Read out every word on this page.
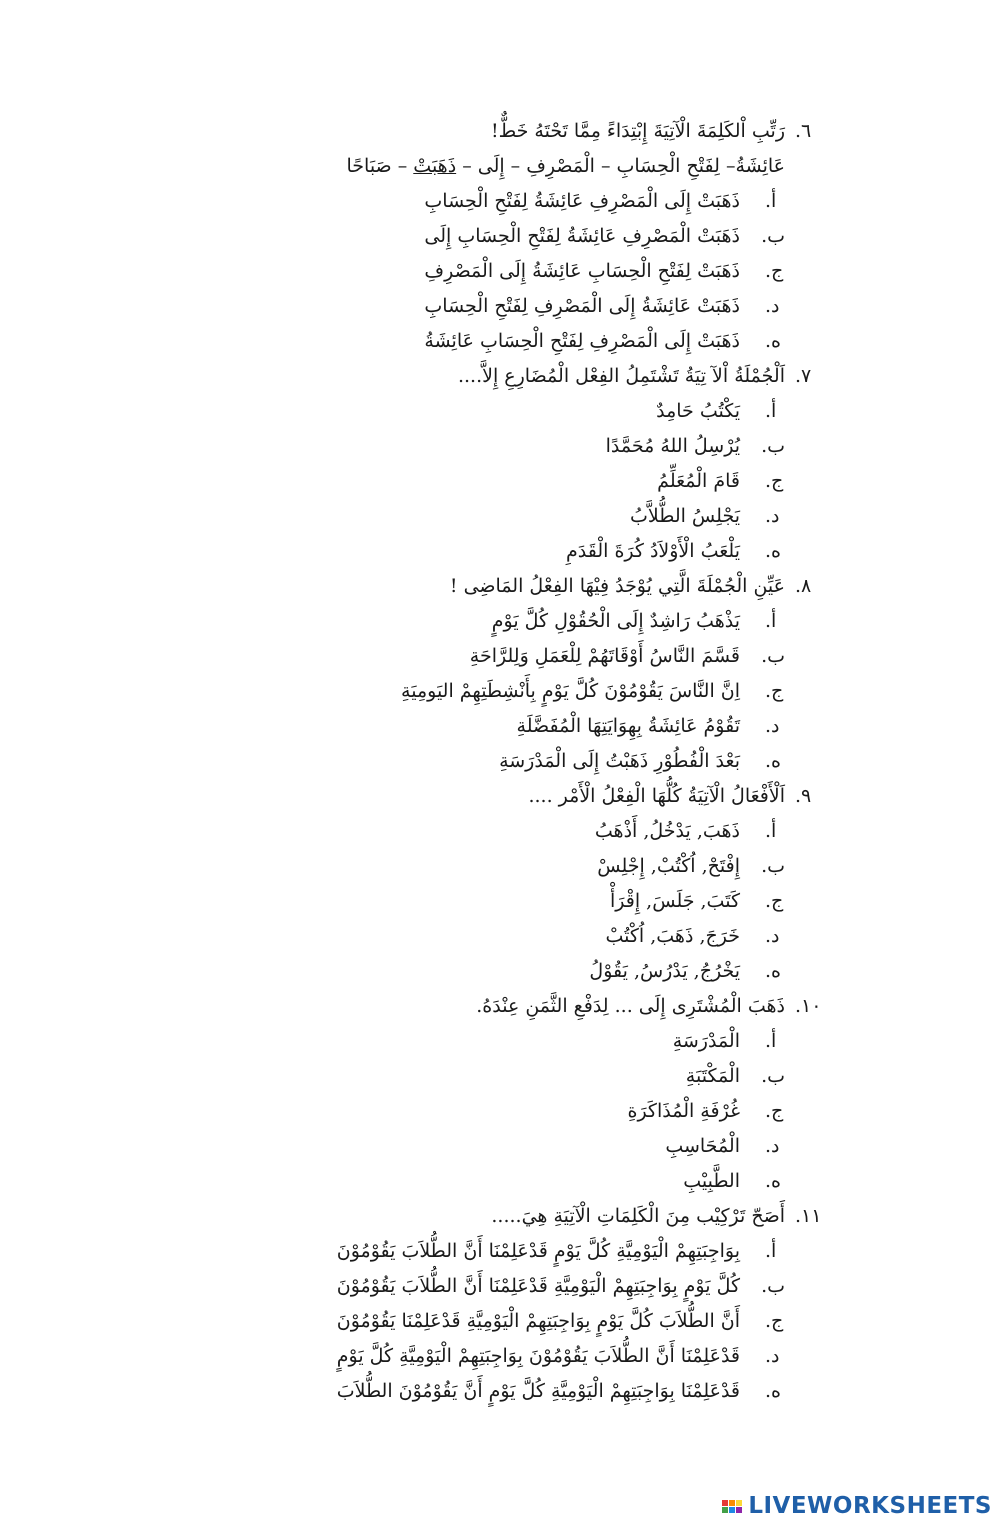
.٦
رَتِّبِ اْلكَلِمَةَ الْآتِيَةَ إِبْتِدَاءً مِمَّا تَحْتَهُ خَطٌّ!
عَائِشَةُ– لِفَتْحِ الْحِسَابِ – الْمَصْرِفِ – إِلَى – ذَهَبَتْ – صَبَاحًا
أ.
ذَهَبَتْ إِلَى الْمَصْرِفِ عَائِشَةُ لِفَتْحِ الْحِسَابِ
ب.
ذَهَبَتْ الْمَصْرِفِ عَائِشَةُ لِفَتْحِ الْحِسَابِ إِلَى
ج.
ذَهَبَتْ لِفَتْحِ الْحِسَابِ عَائِشَةُ إِلَى الْمَصْرِفِ
د.
ذَهَبَتْ عَائِشَةُ إِلَى الْمَصْرِفِ لِفَتْحِ الْحِسَابِ
ه.
ذَهَبَتْ إِلَى الْمَصْرِفِ لِفَتْحِ الْحِسَابِ عَائِشَةُ
.٧
اَلْجُمْلَةُ اْلآ تِيَةُ تَشْتَمِلُ الفِعْل الْمُضَارِعِ إِلاَّ....
أ.
يَكْتُبُ حَامِدٌ
ب.
يُرْسِلُ اللهُ مُحَمَّدًا
ج.
قَامَ الْمُعَلِّمُ
د.
يَجْلِسُ الطُّلاَّبُ
ه.
يَلْعَبُ الْأَوْلاَدُ كُرَةَ الْقَدَمِ
.٨
عَيِّنِ الْجُمْلَةَ الَّتِي يُوْجَدُ فِيْهَا الفِعْلُ المَاضِى !
أ.
يَذْهَبُ رَاشِدٌ إِلَى الْحُقُوْلِ كُلَّ يَوْمٍ
ب.
قَسَّمَ النَّاسُ أَوْقَاتَهُمْ لِلْعَمَلِ وَلِلرَّاحَةِ
ج.
اِنَّ النَّاسَ يَقُوْمُوْنَ كُلَّ يَوْمٍ بِأَنْشِطَتِهِمْ اليَومِيَةِ
د.
تَقُوْمُ عَائِشَةُ بِهِوَايَتِهَا الْمُفَضَّلَةِ
ه.
بَعْدَ الْفُطُوْرِ ذَهَبْتُ إِلَى الْمَدْرَسَةِ
.٩
اَلْأَفْعَالُ الْآتِيَةُ كُلُّهَا الْفِعْلُ الْأَمْر ....
أ.
ذَهَبَ, يَدْخُلُ, أَذْهَبُ
ب.
إِفْتَحْ, اُكْتُبْ, إِجْلِسْ
ج.
كَتَبَ, جَلَسَ, إِقْرَأْ
د.
خَرَجَ, ذَهَبَ, اُكْتُبْ
ه.
يَخْرُجُ, يَدْرُسُ, يَقُوْلُ
.١٠
ذَهَبَ الْمُشْتَرِى إِلَى ... لِدَفْعِ الثَّمَنِ عِنْدَهُ.
أ.
الْمَدْرَسَةِ
ب.
الْمَكْتَبَةِ
ج.
غُرْفَةِ الْمُذَاكَرَةِ
د.
الْمُحَاسِبِ
ه.
الطَّبِيْبِ
.١١
أَصَحّ تَرْكِيْب مِنَ الْكَلِمَاتِ الْآتِيَةِ هِيَ.....
أ.
بِوَاجِبَتِهِمْ الْيَوْمِيَّةِ كُلَّ يَوْمٍ قَدْعَلِمْنَا أَنَّ الطُّلاَبَ يَقُوْمُوْنَ
ب.
كُلَّ يَوْمٍ بِوَاجِبَتِهِمْ الْيَوْمِيَّةِ قَدْعَلِمْنَا أَنَّ الطُّلاَبَ يَقُوْمُوْنَ
ج.
أَنَّ الطُّلاَبَ كُلَّ يَوْمٍ بِوَاجِبَتِهِمْ الْيَوْمِيَّةِ قَدْعَلِمْنَا يَقُوْمُوْنَ
د.
قَدْعَلِمْنَا أَنَّ الطُّلاَبَ يَقُوْمُوْنَ بِوَاجِبَتِهِمْ الْيَوْمِيَّةِ كُلَّ يَوْمٍ
ه.
قَدْعَلِمْنَا بِوَاجِبَتِهِمْ الْيَوْمِيَّةِ كُلَّ يَوْمٍ أَنَّ يَقُوْمُوْنَ الطُّلاَبَ
LIVEWORKSHEETS
